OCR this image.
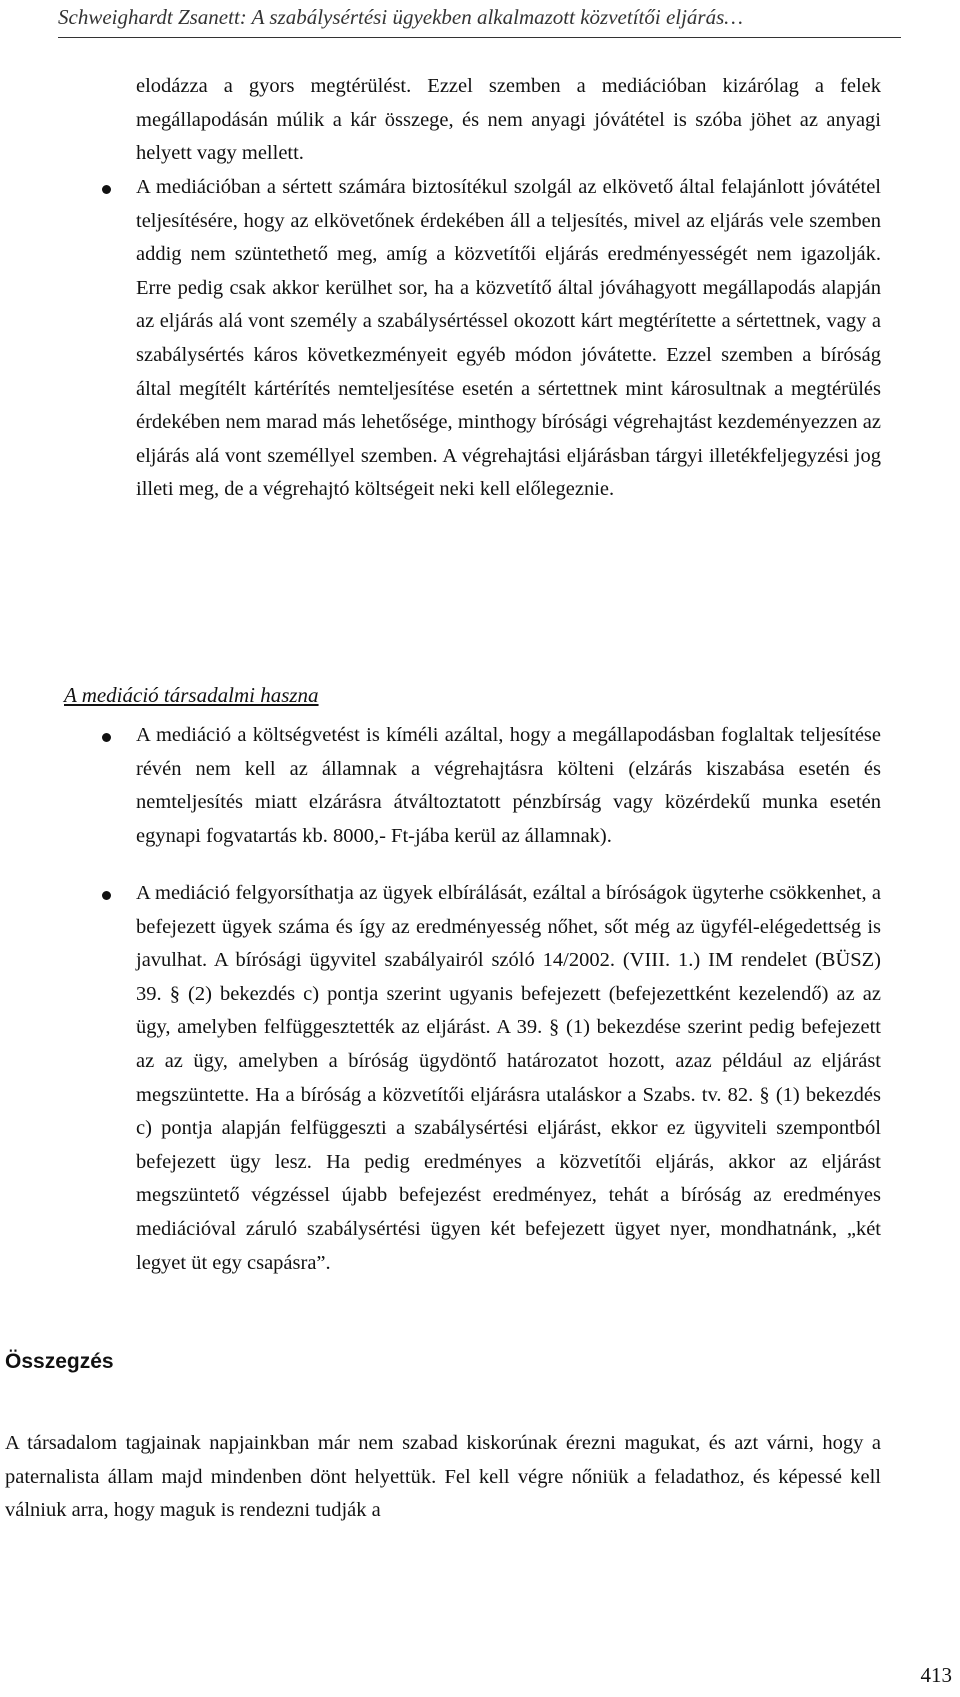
Schweighardt Zsanett: A szabálysértési ügyekben alkalmazott közvetítői eljárás…

elodázza a gyors megtérülést. Ezzel szemben a mediációban kizárólag a felek megállapodásán múlik a kár összege, és nem anyagi jóvátétel is szóba jöhet az anyagi helyett vagy mellett.

A mediációban a sértett számára biztosítékul szolgál az elkövető által felajánlott jóvátétel teljesítésére, hogy az elkövetőnek érdekében áll a teljesítés, mivel az eljárás vele szemben addig nem szüntethető meg, amíg a közvetítői eljárás eredményességét nem igazolják. Erre pedig csak akkor kerülhet sor, ha a közvetítő által jóváhagyott megállapodás alapján az eljárás alá vont személy a szabálysértéssel okozott kárt megtérítette a sértettnek, vagy a szabálysértés káros következményeit egyéb módon jóvátette. Ezzel szemben a bíróság által megítélt kártérítés nemteljesítése esetén a sértettnek mint károsultnak a megtérülés érdekében nem marad más lehetősége, minthogy bírósági végrehajtást kezdeményezzen az eljárás alá vont személlyel szemben. A végrehajtási eljárásban tárgyi illetékfeljegyzési jog illeti meg, de a végrehajtó költségeit neki kell előlegeznie.

A mediáció társadalmi haszna

A mediáció a költségvetést is kíméli azáltal, hogy a megállapodásban foglaltak teljesítése révén nem kell az államnak a végrehajtásra költeni (elzárás kiszabása esetén és nemteljesítés miatt elzárásra átváltoztatott pénzbírság vagy közérdekű munka esetén egynapi fogvatartás kb. 8000,- Ft-jába kerül az államnak).

A mediáció felgyorsíthatja az ügyek elbírálását, ezáltal a bíróságok ügyterhe csökkenhet, a befejezett ügyek száma és így az eredményesség nőhet, sőt még az ügyfél-elégedettség is javulhat. A bírósági ügyvitel szabályairól szóló 14/2002. (VIII. 1.) IM rendelet (BÜSZ) 39. § (2) bekezdés c) pontja szerint ugyanis befejezett (befejezettként kezelendő) az az ügy, amelyben felfüggesztették az eljárást. A 39. § (1) bekezdése szerint pedig befejezett az az ügy, amelyben a bíróság ügydöntő határozatot hozott, azaz például az eljárást megszüntette. Ha a bíróság a közvetítői eljárásra utaláskor a Szabs. tv. 82. § (1) bekezdés c) pontja alapján felfüggeszti a szabálysértési eljárást, ekkor ez ügyviteli szempontból befejezett ügy lesz. Ha pedig eredményes a közvetítői eljárás, akkor az eljárást megszüntető végzéssel újabb befejezést eredményez, tehát a bíróság az eredményes mediációval záruló szabálysértési ügyen két befejezett ügyet nyer, mondhatnánk, „két legyet üt egy csapásra”.

Összegzés

A társadalom tagjainak napjainkban már nem szabad kiskorúnak érezni magukat, és azt várni, hogy a paternalista állam majd mindenben dönt helyettük. Fel kell végre nőniük a feladathoz, és képessé kell válniuk arra, hogy maguk is rendezni tudják a

413
